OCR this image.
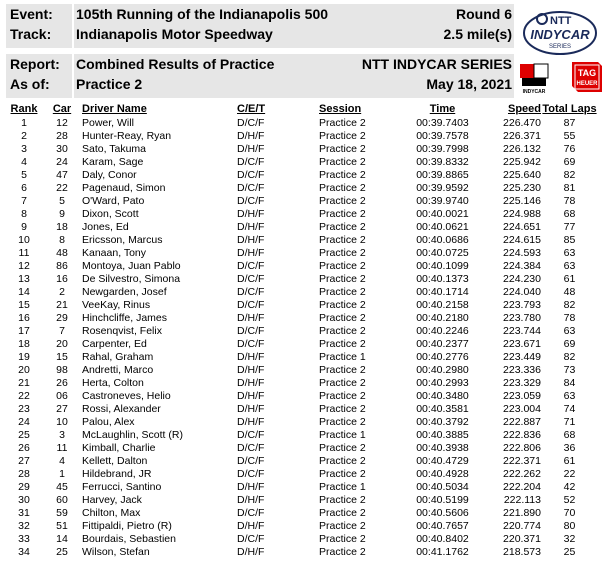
Event: 105th Running of the Indianapolis 500	Round 6
Track: Indianapolis Motor Speedway	2.5 mile(s)
Report: Combined Results of Practice	NTT INDYCAR SERIES
As of: Practice 2	May 18, 2021
NTT
INDYCAR
SERIES
INDYCAR
TAG
HEUER
Rank	Car	Driver Name	C/E/T	Session	Time	Speed	Total Laps
1	12	Power, Will	D/C/F	Practice 2	00:39.7403	226.470	87
2	28	Hunter-Reay, Ryan	D/H/F	Practice 2	00:39.7578	226.371	55
3	30	Sato, Takuma	D/H/F	Practice 2	00:39.7998	226.132	76
4	24	Karam, Sage	D/C/F	Practice 2	00:39.8332	225.942	69
5	47	Daly, Conor	D/C/F	Practice 2	00:39.8865	225.640	82
6	22	Pagenaud, Simon	D/C/F	Practice 2	00:39.9592	225.230	81
7	5	O'Ward, Pato	D/C/F	Practice 2	00:39.9740	225.146	78
8	9	Dixon, Scott	D/H/F	Practice 2	00:40.0021	224.988	68
9	18	Jones, Ed	D/H/F	Practice 2	00:40.0621	224.651	77
10	8	Ericsson, Marcus	D/H/F	Practice 2	00:40.0686	224.615	85
11	48	Kanaan, Tony	D/H/F	Practice 2	00:40.0725	224.593	63
12	86	Montoya, Juan Pablo	D/C/F	Practice 2	00:40.1099	224.384	63
13	16	De Silvestro, Simona	D/C/F	Practice 2	00:40.1373	224.230	61
14	2	Newgarden, Josef	D/C/F	Practice 2	00:40.1714	224.040	48
15	21	VeeKay, Rinus	D/C/F	Practice 2	00:40.2158	223.793	82
16	29	Hinchcliffe, James	D/H/F	Practice 2	00:40.2180	223.780	78
17	7	Rosenqvist, Felix	D/C/F	Practice 2	00:40.2246	223.744	63
18	20	Carpenter, Ed	D/C/F	Practice 2	00:40.2377	223.671	69
19	15	Rahal, Graham	D/H/F	Practice 1	00:40.2776	223.449	82
20	98	Andretti, Marco	D/H/F	Practice 2	00:40.2980	223.336	73
21	26	Herta, Colton	D/H/F	Practice 2	00:40.2993	223.329	84
22	06	Castroneves, Helio	D/H/F	Practice 2	00:40.3480	223.059	63
23	27	Rossi, Alexander	D/H/F	Practice 2	00:40.3581	223.004	74
24	10	Palou, Alex	D/H/F	Practice 2	00:40.3792	222.887	71
25	3	McLaughlin, Scott (R)	D/C/F	Practice 1	00:40.3885	222.836	68
26	11	Kimball, Charlie	D/C/F	Practice 2	00:40.3938	222.806	36
27	4	Kellett, Dalton	D/C/F	Practice 2	00:40.4729	222.371	61
28	1	Hildebrand, JR	D/C/F	Practice 2	00:40.4928	222.262	22
29	45	Ferrucci, Santino	D/H/F	Practice 1	00:40.5034	222.204	42
30	60	Harvey, Jack	D/H/F	Practice 2	00:40.5199	222.113	52
31	59	Chilton, Max	D/C/F	Practice 2	00:40.5606	221.890	70
32	51	Fittipaldi, Pietro (R)	D/H/F	Practice 2	00:40.7657	220.774	80
33	14	Bourdais, Sebastien	D/C/F	Practice 2	00:40.8402	220.371	32
34	25	Wilson, Stefan	D/H/F	Practice 2	00:41.1762	218.573	25
